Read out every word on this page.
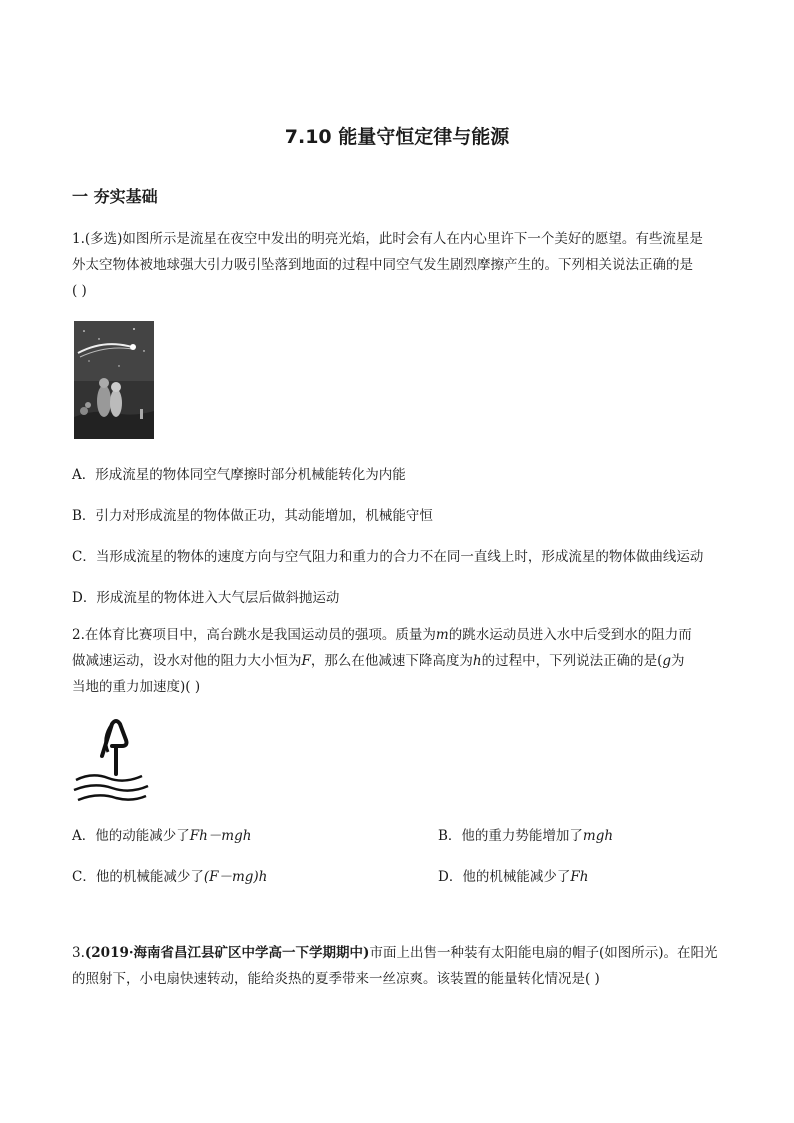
7.10 能量守恒定律与能源
一 夯实基础
1.(多选)如图所示是流星在夜空中发出的明亮光焰，此时会有人在内心里许下一个美好的愿望。有些流星是
外太空物体被地球强大引力吸引坠落到地面的过程中同空气发生剧烈摩擦产生的。下列相关说法正确的是
( )
A．形成流星的物体同空气摩擦时部分机械能转化为内能
B．引力对形成流星的物体做正功，其动能增加，机械能守恒
C．当形成流星的物体的速度方向与空气阻力和重力的合力不在同一直线上时，形成流星的物体做曲线运动
D．形成流星的物体进入大气层后做斜抛运动
2.在体育比赛项目中，高台跳水是我国运动员的强项。质量为m的跳水运动员进入水中后受到水的阻力而
做减速运动，设水对他的阻力大小恒为F，那么在他减速下降高度为h的过程中，下列说法正确的是(g为
当地的重力加速度)( )
A．他的动能减少了Fh－mgh	B．他的重力势能增加了mgh
C．他的机械能减少了(F－mg)h	D．他的机械能减少了Fh
3.(2019·海南省昌江县矿区中学高一下学期期中)市面上出售一种装有太阳能电扇的帽子(如图所示)。在阳光
的照射下，小电扇快速转动，能给炎热的夏季带来一丝凉爽。该装置的能量转化情况是( )
